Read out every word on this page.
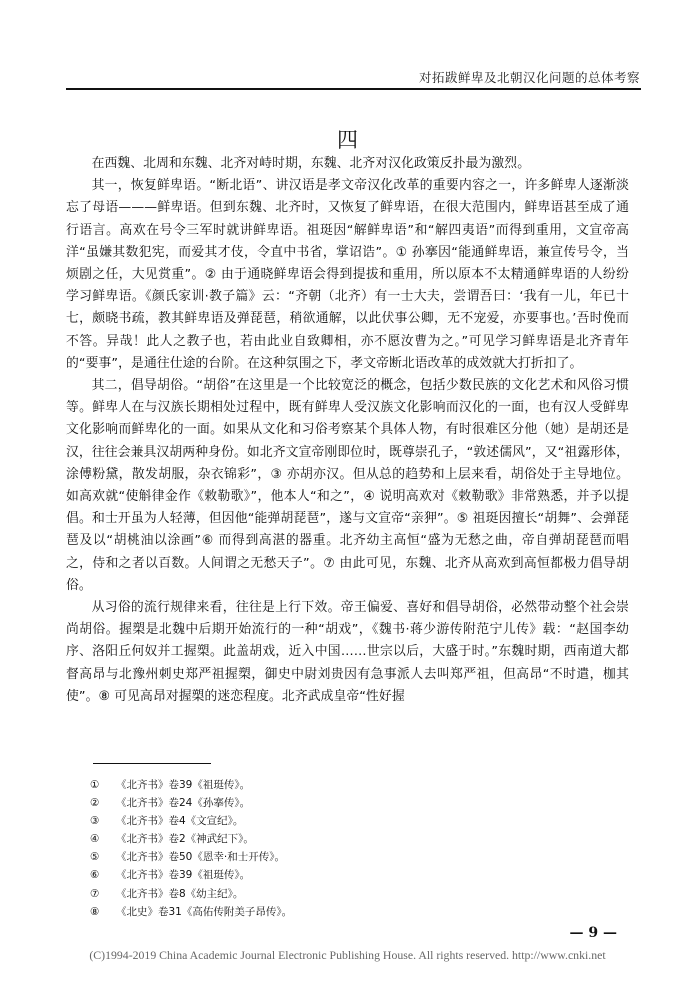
对拓跋鲜卑及北朝汉化问题的总体考察
四

在西魏、北周和东魏、北齐对峙时期，东魏、北齐对汉化政策反扑最为激烈。

其一，恢复鲜卑语。“断北语”、讲汉语是孝文帝汉化改革的重要内容之一，许多鲜卑人逐渐淡忘了母语———鲜卑语。但到东魏、北齐时，又恢复了鲜卑语，在很大范围内，鲜卑语甚至成了通行语言。高欢在号令三军时就讲鲜卑语。祖珽因“解鲜卑语”和“解四夷语”而得到重用，文宣帝高洋“虽嫌其数犯宪，而爱其才伎，令直中书省，掌诏诰”。① 孙搴因“能通鲜卑语，兼宣传号令，当烦剧之任，大见赏重”。② 由于通晓鲜卑语会得到提拔和重用，所以原本不太精通鲜卑语的人纷纷学习鲜卑语。《颜氏家训·教子篇》云：“齐朝（北齐）有一士大夫，尝谓吾曰：‘我有一儿，年已十七，颇晓书疏，教其鲜卑语及弹琵琶，稍欲通解，以此伏事公卿，无不宠爱，亦要事也。’吾时俛而不答。异哉！此人之教子也，若由此业自致卿相，亦不愿汝曹为之。”可见学习鲜卑语是北齐青年的“要事”，是通往仕途的台阶。在这种氛围之下，孝文帝断北语改革的成效就大打折扣了。

其二，倡导胡俗。“胡俗”在这里是一个比较宽泛的概念，包括少数民族的文化艺术和风俗习惯等。鲜卑人在与汉族长期相处过程中，既有鲜卑人受汉族文化影响而汉化的一面，也有汉人受鲜卑文化影响而鲜卑化的一面。如果从文化和习俗考察某个具体人物，有时很难区分他（她）是胡还是汉，往往会兼具汉胡两种身份。如北齐文宣帝刚即位时，既尊崇孔子，“敦述儒风”，又“祖露形体，涂傅粉黛，散发胡服，杂衣锦彩”，③ 亦胡亦汉。但从总的趋势和上层来看，胡俗处于主导地位。如高欢就“使斛律金作《敕勒歌》”，他本人“和之”，④ 说明高欢对《敕勒歌》非常熟悉，并予以提倡。和士开虽为人轻薄，但因他“能弹胡琵琶”，遂与文宣帝“亲狎”。⑤ 祖珽因擅长“胡舞”、会弹琵琶及以“胡桃油以涂画”⑥ 而得到高湛的器重。北齐幼主高恒“盛为无愁之曲，帝自弹胡琵琶而唱之，侍和之者以百数。人间谓之无愁天子”。⑦ 由此可见，东魏、北齐从高欢到高恒都极力倡导胡俗。

从习俗的流行规律来看，往往是上行下效。帝王偏爱、喜好和倡导胡俗，必然带动整个社会崇尚胡俗。握槊是北魏中后期开始流行的一种“胡戏”，《魏书·蒋少游传附范宁儿传》载：“赵国李幼序、洛阳丘何奴并工握槊。此盖胡戏，近入中国……世宗以后，大盛于时。”东魏时期，西南道大都督高昂与北豫州刺史郑严祖握槊，御史中尉刘贵因有急事派人去叫郑严祖，但高昂“不时遣，枷其使”。⑧ 可见高昂对握槊的迷恋程度。北齐武成皇帝“性好握

①	《北齐书》卷39《祖珽传》。
②	《北齐书》卷24《孙搴传》。
③	《北齐书》卷4《文宣纪》。
④	《北齐书》卷2《神武纪下》。
⑤	《北齐书》卷50《恩幸·和士开传》。
⑥	《北齐书》卷39《祖珽传》。
⑦	《北齐书》卷8《幼主纪》。
⑧	《北史》卷31《高佑传附美子昂传》。
— 9 —
(C)1994-2019 China Academic Journal Electronic Publishing House. All rights reserved. http://www.cnki.net
